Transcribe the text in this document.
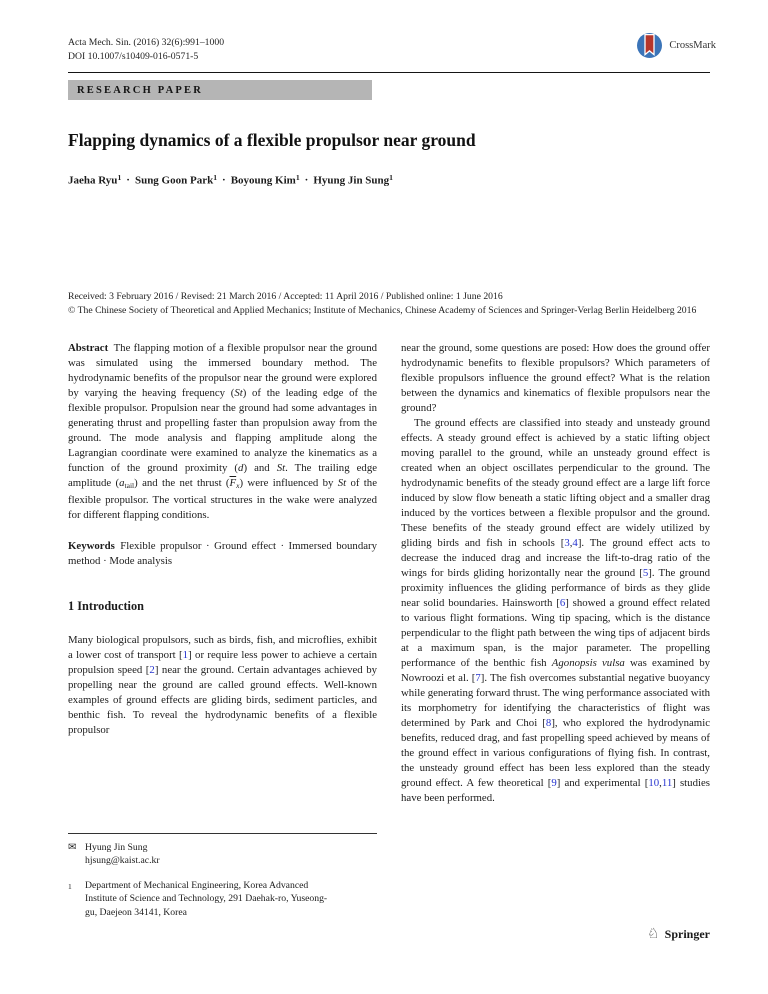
Acta Mech. Sin. (2016) 32(6):991–1000
DOI 10.1007/s10409-016-0571-5
CrossMark
RESEARCH PAPER
Flapping dynamics of a flexible propulsor near ground
Jaeha Ryu$^1$ · Sung Goon Park$^1$ · Boyoung Kim$^1$ · Hyung Jin Sung$^1$
Received: 3 February 2016 / Revised: 21 March 2016 / Accepted: 11 April 2016 / Published online: 1 June 2016
© The Chinese Society of Theoretical and Applied Mechanics; Institute of Mechanics, Chinese Academy of Sciences and Springer-Verlag Berlin Heidelberg 2016

Abstract The flapping motion of a flexible propulsor near the ground was simulated using the immersed boundary method. The hydrodynamic benefits of the propulsor near the ground were explored by varying the heaving frequency (St) of the leading edge of the flexible propulsor. Propulsion near the ground had some advantages in generating thrust and propelling faster than propulsion away from the ground. The mode analysis and flapping amplitude along the Lagrangian coordinate were examined to analyze the kinematics as a function of the ground proximity (d) and St. The trailing edge amplitude (atail) and the net thrust $(\overline{F}x)$ were influenced by St of the flexible propulsor. The vortical structures in the wake were analyzed for different flapping conditions.

Keywords Flexible propulsor · Ground effect · Immersed boundary method · Mode analysis

1 Introduction

Many biological propulsors, such as birds, fish, and microflies, exhibit a lower cost of transport [1] or require less power to achieve a certain propulsion speed [2] near the ground. Certain advantages achieved by propelling near the ground are called ground effects. Well-known examples of ground effects are gliding birds, sediment particles, and benthic fish. To reveal the hydrodynamic benefits of a flexible propulsor

✉ Hyung Jin Sung
hjsung@kaist.ac.kr
1	Department of Mechanical Engineering, Korea Advanced Institute of Science and Technology, 291 Daehak-ro, Yuseong-gu, Daejeon 34141, Korea

near the ground, some questions are posed: How does the ground offer hydrodynamic benefits to flexible propulsors? Which parameters of flexible propulsors influence the ground effect? What is the relation between the dynamics and kinematics of flexible propulsors near the ground?

The ground effects are classified into steady and unsteady ground effects. A steady ground effect is achieved by a static lifting object moving parallel to the ground, while an unsteady ground effect is created when an object oscillates perpendicular to the ground. The hydrodynamic benefits of the steady ground effect are a large lift force induced by slow flow beneath a static lifting object and a smaller drag induced by the vortices between a flexible propulsor and the ground. These benefits of the steady ground effect are widely utilized by gliding birds and fish in schools [3,4]. The ground effect acts to decrease the induced drag and increase the lift-to-drag ratio of the wings for birds gliding horizontally near the ground [5]. The ground proximity influences the gliding performance of birds as they glide near solid boundaries. Hainsworth [6] showed a ground effect related to various flight formations. Wing tip spacing, which is the distance perpendicular to the flight path between the wing tips of adjacent birds at a maximum span, is the major parameter. The propelling performance of the benthic fish Agonopsis vulsa was examined by Nowroozi et al. [7]. The fish overcomes substantial negative buoyancy while generating forward thrust. The wing performance associated with its morphometry for identifying the characteristics of flight was determined by Park and Choi [8], who explored the hydrodynamic benefits, reduced drag, and fast propelling speed achieved by means of the ground effect in various configurations of flying fish. In contrast, the unsteady ground effect has been less explored than the steady ground effect. A few theoretical [9] and experimental [10,11] studies have been performed.

♘ Springer
